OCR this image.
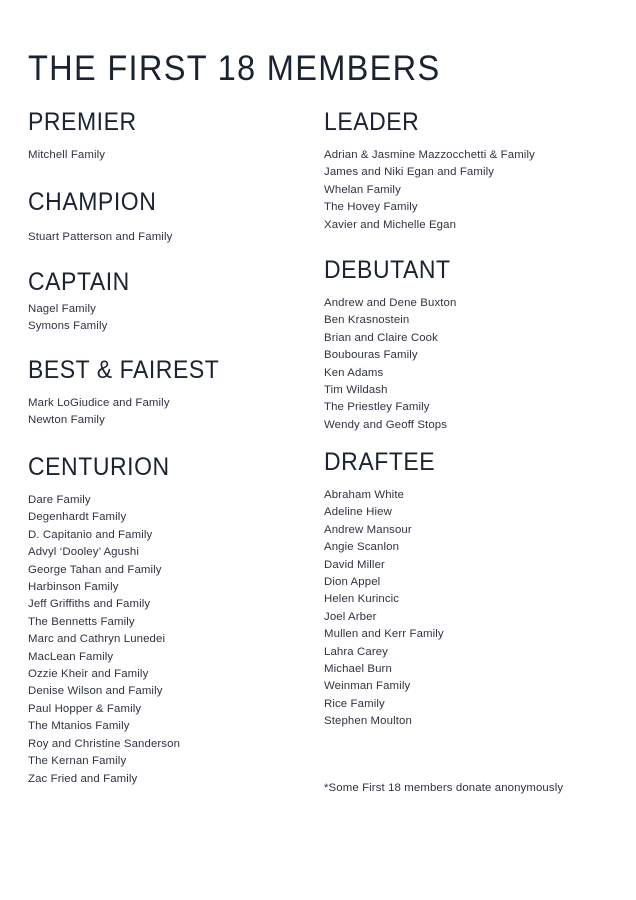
THE FIRST 18 MEMBERS
PREMIER
Mitchell Family
CHAMPION
Stuart Patterson and Family
CAPTAIN
Nagel Family
Symons Family
BEST & FAIREST
Mark LoGiudice and Family
Newton Family
CENTURION
Dare Family
Degenhardt Family
D. Capitanio and Family
Advyl ‘Dooley’ Agushi
George Tahan and Family
Harbinson Family
Jeff Griffiths and Family
The Bennetts Family
Marc and Cathryn Lunedei
MacLean Family
Ozzie Kheir and Family
Denise Wilson and Family
Paul Hopper & Family
The Mtanios Family
Roy and Christine Sanderson
The Kernan Family
Zac Fried and Family
LEADER
Adrian & Jasmine Mazzocchetti & Family
James and Niki Egan and Family
Whelan Family
The Hovey Family
Xavier and Michelle Egan
DEBUTANT
Andrew and Dene Buxton
Ben Krasnostein
Brian and Claire Cook
Boubouras Family
Ken Adams
Tim Wildash
The Priestley Family
Wendy and Geoff Stops
DRAFTEE
Abraham White
Adeline Hiew
Andrew Mansour
Angie Scanlon
David Miller
Dion Appel
Helen Kurincic
Joel Arber
Mullen and Kerr Family
Lahra Carey
Michael Burn
Weinman Family
Rice Family
Stephen Moulton
*Some First 18 members donate anonymously
